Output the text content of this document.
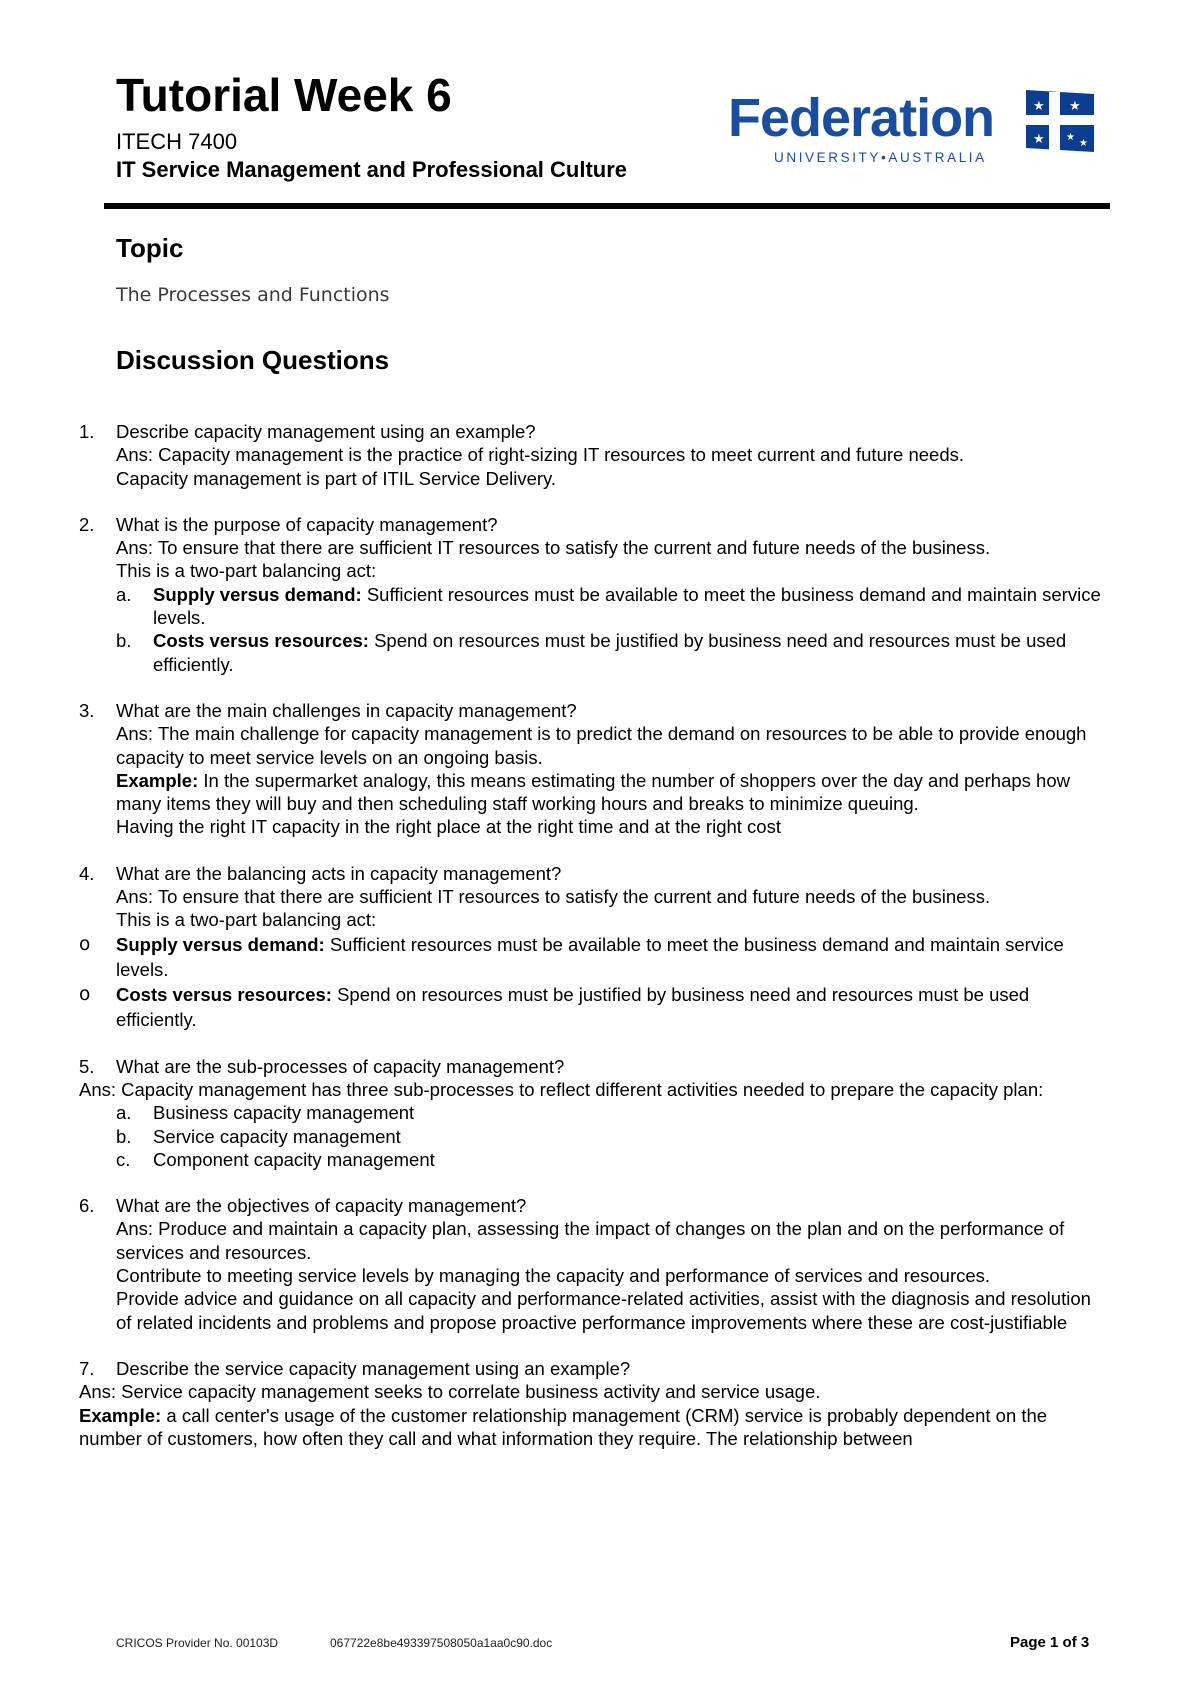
Tutorial Week 6
ITECH 7400
IT Service Management and Professional Culture
Federation
UNIVERSITY•AUSTRALIA
★ ★
★ ★
★
Topic
The Processes and Functions
Discussion Questions
1. Describe capacity management using an example?
Ans: Capacity management is the practice of right-sizing IT resources to meet current and future needs.
Capacity management is part of ITIL Service Delivery.
2. What is the purpose of capacity management?
Ans: To ensure that there are sufficient IT resources to satisfy the current and future needs of the business.
This is a two-part balancing act:
a. Supply versus demand: Sufficient resources must be available to meet the business demand and maintain service levels.
b. Costs versus resources: Spend on resources must be justified by business need and resources must be used efficiently.
3. What are the main challenges in capacity management?
Ans: The main challenge for capacity management is to predict the demand on resources to be able to provide enough capacity to meet service levels on an ongoing basis.
Example: In the supermarket analogy, this means estimating the number of shoppers over the day and perhaps how many items they will buy and then scheduling staff working hours and breaks to minimize queuing.
Having the right IT capacity in the right place at the right time and at the right cost
4. What are the balancing acts in capacity management?
Ans: To ensure that there are sufficient IT resources to satisfy the current and future needs of the business.
This is a two-part balancing act:
o Supply versus demand: Sufficient resources must be available to meet the business demand and maintain service levels.
o Costs versus resources: Spend on resources must be justified by business need and resources must be used efficiently.
5. What are the sub-processes of capacity management?
Ans: Capacity management has three sub-processes to reflect different activities needed to prepare the capacity plan:
a. Business capacity management
b. Service capacity management
c. Component capacity management
6. What are the objectives of capacity management?
Ans: Produce and maintain a capacity plan, assessing the impact of changes on the plan and on the performance of services and resources.
Contribute to meeting service levels by managing the capacity and performance of services and resources.
Provide advice and guidance on all capacity and performance-related activities, assist with the diagnosis and resolution of related incidents and problems and propose proactive performance improvements where these are cost-justifiable
7. Describe the service capacity management using an example?
Ans: Service capacity management seeks to correlate business activity and service usage.
Example: a call center's usage of the customer relationship management (CRM) service is probably dependent on the number of customers, how often they call and what information they require. The relationship between
CRICOS Provider No. 00103D	067722e8be493397508050a1aa0c90.doc	Page 1 of 3
